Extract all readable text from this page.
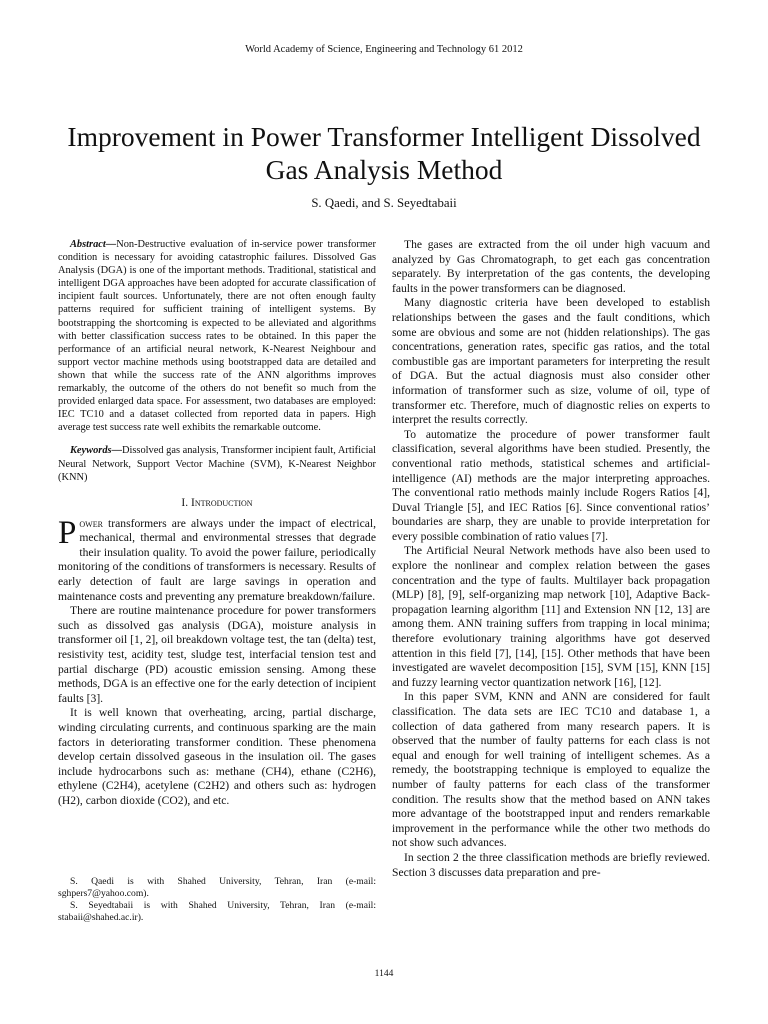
World Academy of Science, Engineering and Technology 61 2012
Improvement in Power Transformer Intelligent Dissolved Gas Analysis Method
S. Qaedi, and S. Seyedtabaii

Abstract—Non-Destructive evaluation of in-service power transformer condition is necessary for avoiding catastrophic failures. Dissolved Gas Analysis (DGA) is one of the important methods. Traditional, statistical and intelligent DGA approaches have been adopted for accurate classification of incipient fault sources. Unfortunately, there are not often enough faulty patterns required for sufficient training of intelligent systems. By bootstrapping the shortcoming is expected to be alleviated and algorithms with better classification success rates to be obtained. In this paper the performance of an artificial neural network, K-Nearest Neighbour and support vector machine methods using bootstrapped data are detailed and shown that while the success rate of the ANN algorithms improves remarkably, the outcome of the others do not benefit so much from the provided enlarged data space. For assessment, two databases are employed: IEC TC10 and a dataset collected from reported data in papers. High average test success rate well exhibits the remarkable outcome.

Keywords—Dissolved gas analysis, Transformer incipient fault, Artificial Neural Network, Support Vector Machine (SVM), K-Nearest Neighbor (KNN)

I. Introduction

Power transformers are always under the impact of electrical, mechanical, thermal and environmental stresses that degrade their insulation quality. To avoid the power failure, periodically monitoring of the conditions of transformers is necessary. Results of early detection of fault are large savings in operation and maintenance costs and preventing any premature breakdown/failure.

There are routine maintenance procedure for power transformers such as dissolved gas analysis (DGA), moisture analysis in transformer oil [1, 2], oil breakdown voltage test, the tan (delta) test, resistivity test, acidity test, sludge test, interfacial tension test and partial discharge (PD) acoustic emission sensing. Among these methods, DGA is an effective one for the early detection of incipient faults [3].

It is well known that overheating, arcing, partial discharge, winding circulating currents, and continuous sparking are the main factors in deteriorating transformer condition. These phenomena develop certain dissolved gaseous in the insulation oil. The gases include hydrocarbons such as: methane (CH4), ethane (C2H6), ethylene (C2H4), acetylene (C2H2) and others such as: hydrogen (H2), carbon dioxide (CO2), and etc.

S. Qaedi is with Shahed University, Tehran, Iran (e-mail: sghpers7@yahoo.com).

S. Seyedtabaii is with Shahed University, Tehran, Iran (e-mail: stabaii@shahed.ac.ir).

The gases are extracted from the oil under high vacuum and analyzed by Gas Chromatograph, to get each gas concentration separately. By interpretation of the gas contents, the developing faults in the power transformers can be diagnosed.

Many diagnostic criteria have been developed to establish relationships between the gases and the fault conditions, which some are obvious and some are not (hidden relationships). The gas concentrations, generation rates, specific gas ratios, and the total combustible gas are important parameters for interpreting the result of DGA. But the actual diagnosis must also consider other information of transformer such as size, volume of oil, type of transformer etc. Therefore, much of diagnostic relies on experts to interpret the results correctly.

To automatize the procedure of power transformer fault classification, several algorithms have been studied. Presently, the conventional ratio methods, statistical schemes and artificial-intelligence (AI) methods are the major interpreting approaches. The conventional ratio methods mainly include Rogers Ratios [4], Duval Triangle [5], and IEC Ratios [6]. Since conventional ratios’ boundaries are sharp, they are unable to provide interpretation for every possible combination of ratio values [7].

The Artificial Neural Network methods have also been used to explore the nonlinear and complex relation between the gases concentration and the type of faults. Multilayer back propagation (MLP) [8], [9], self-organizing map network [10], Adaptive Back-propagation learning algorithm [11] and Extension NN [12, 13] are among them. ANN training suffers from trapping in local minima; therefore evolutionary training algorithms have got deserved attention in this field [7], [14], [15]. Other methods that have been investigated are wavelet decomposition [15], SVM [15], KNN [15] and fuzzy learning vector quantization network [16], [12].

In this paper SVM, KNN and ANN are considered for fault classification. The data sets are IEC TC10 and database 1, a collection of data gathered from many research papers. It is observed that the number of faulty patterns for each class is not equal and enough for well training of intelligent schemes. As a remedy, the bootstrapping technique is employed to equalize the number of faulty patterns for each class of the transformer condition. The results show that the method based on ANN takes more advantage of the bootstrapped input and renders remarkable improvement in the performance while the other two methods do not show such advances.

In section 2 the three classification methods are briefly reviewed. Section 3 discusses data preparation and pre-

1144
